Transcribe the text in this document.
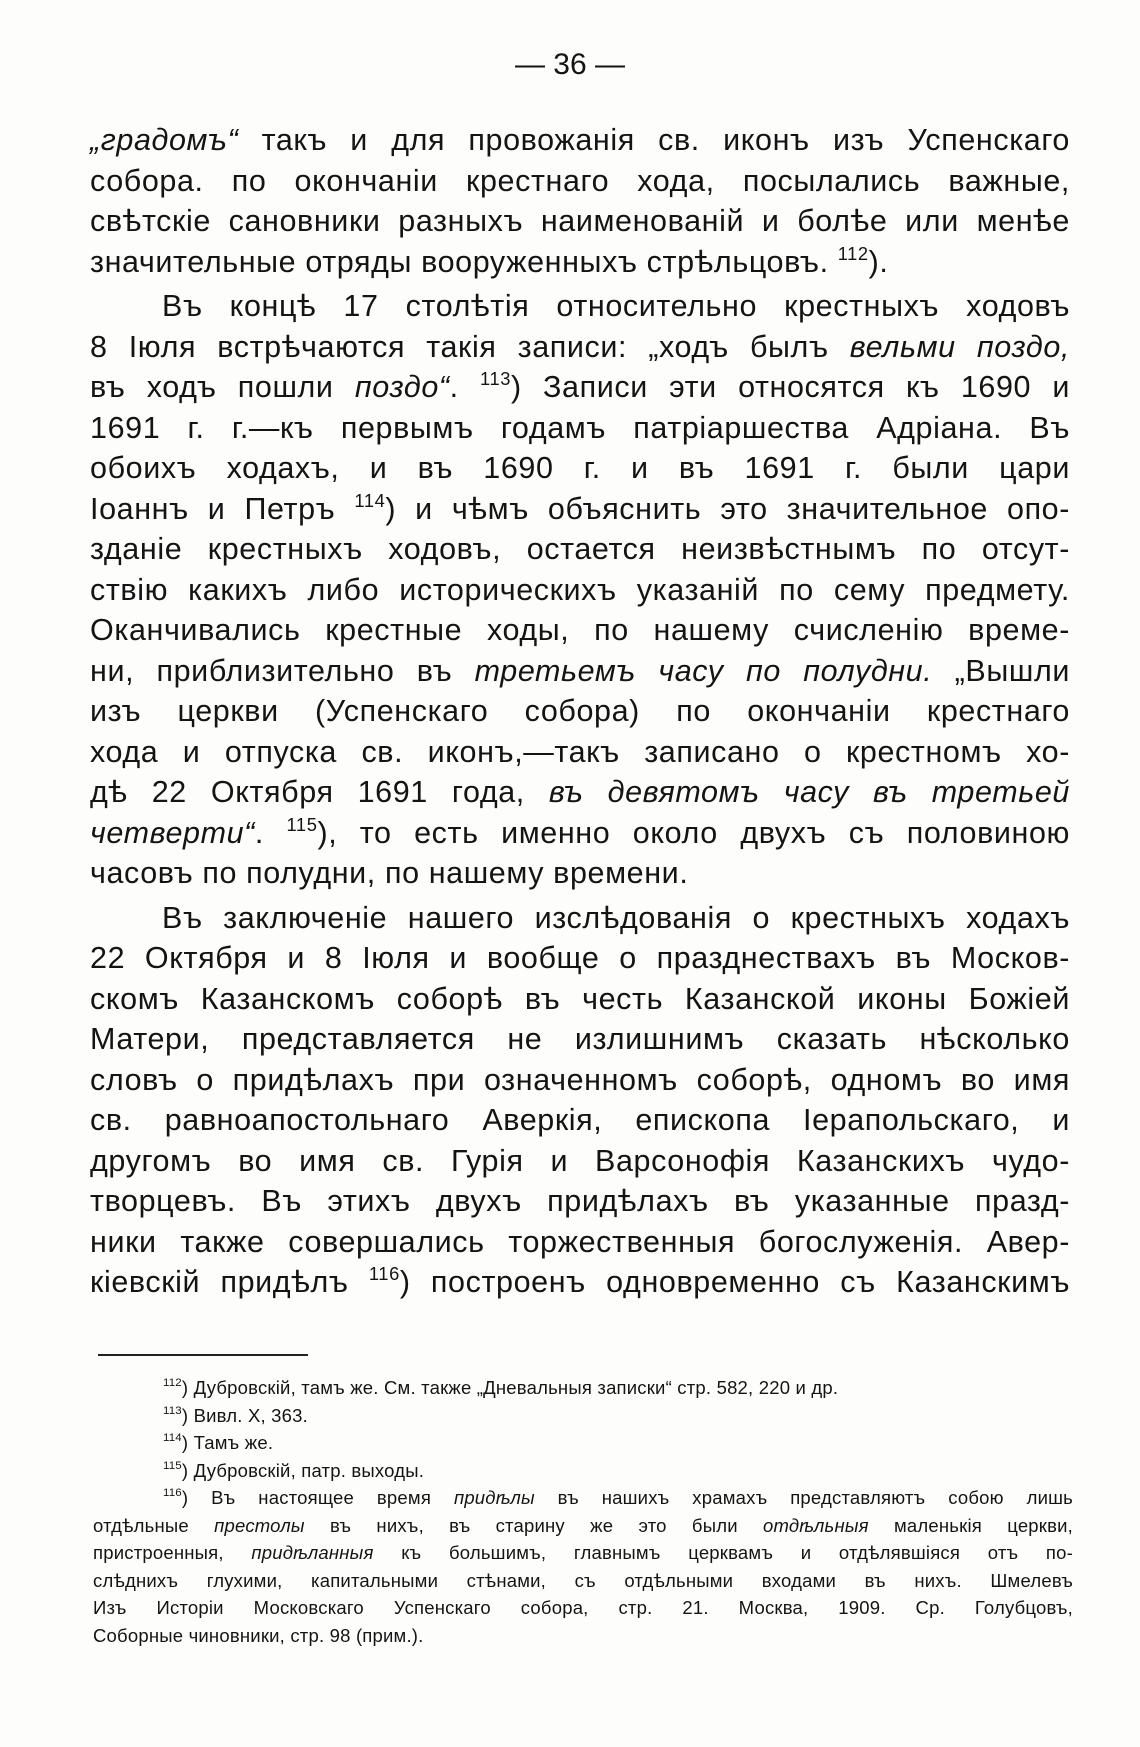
— 36 —
„градомъ“ такъ и для провожанія св. иконъ изъ Успенскаго
собора. по окончаніи крестнаго хода, посылались важные,
свѣтскіе сановники разныхъ наименованій и болѣе или менѣе
значительные отряды вооруженныхъ стрѣльцовъ. $^{112}$).
Въ концѣ 17 столѣтія относительно крестныхъ ходовъ
8 Іюля встрѣчаются такія записи: „ходъ былъ вельми поздо,
въ ходъ пошли поздо“. $^{113}$) Записи эти относятся къ 1690 и
1691 г. г.—къ первымъ годамъ патріаршества Адріана. Въ
обоихъ ходахъ, и въ 1690 г. и въ 1691 г. были цари
Іоаннъ и Петръ $^{114}$) и чѣмъ объяснить это значительное опо-
зданіе крестныхъ ходовъ, остается неизвѣстнымъ по отсут-
ствію какихъ либо историческихъ указаній по сему предмету.
Оканчивались крестные ходы, по нашему счисленію време-
ни, приблизительно въ третьемъ часу по полудни. „Вышли
изъ церкви (Успенскаго собора) по окончаніи крестнаго
хода и отпуска св. иконъ,—такъ записано о крестномъ хо-
дѣ 22 Октября 1691 года, въ девятомъ часу въ третьей
четверти“. $^{115}$), то есть именно около двухъ съ половиною
часовъ по полудни, по нашему времени.
Въ заключеніе нашего изслѣдованія о крестныхъ ходахъ
22 Октября и 8 Іюля и вообще о празднествахъ въ Москов-
скомъ Казанскомъ соборѣ въ честь Казанской иконы Божіей
Матери, представляется не излишнимъ сказать нѣсколько
словъ о придѣлахъ при означенномъ соборѣ, одномъ во имя
св. равноапостольнаго Аверкія, епископа Іерапольскаго, и
другомъ во имя св. Гурія и Варсонофія Казанскихъ чудо-
творцевъ. Въ этихъ двухъ придѣлахъ въ указанные празд-
ники также совершались торжественныя богослуженія. Авер-
кіевскій придѣлъ $^{116}$) построенъ одновременно съ Казанскимъ
$^{112}$) Дубровскій, тамъ же. См. также „Дневальныя записки“ стр. 582, 220 и др.
$^{113}$) Вивл. X, 363.
$^{114}$) Тамъ же.
$^{115}$) Дубровскій, патр. выходы.
$^{116}$) Въ настоящее время придѣлы въ нашихъ храмахъ представляютъ собою лишь
отдѣльные престолы въ нихъ, въ старину же это были отдѣльныя маленькія церкви,
пристроенныя, придѣланныя къ большимъ, главнымъ церквамъ и отдѣлявшіяся отъ по-
слѣднихъ глухими, капитальными стѣнами, съ отдѣльными входами въ нихъ. Шмелевъ
Изъ Исторіи Московскаго Успенскаго собора, стр. 21. Москва, 1909. Ср. Голубцовъ,
Соборные чиновники, стр. 98 (прим.).
